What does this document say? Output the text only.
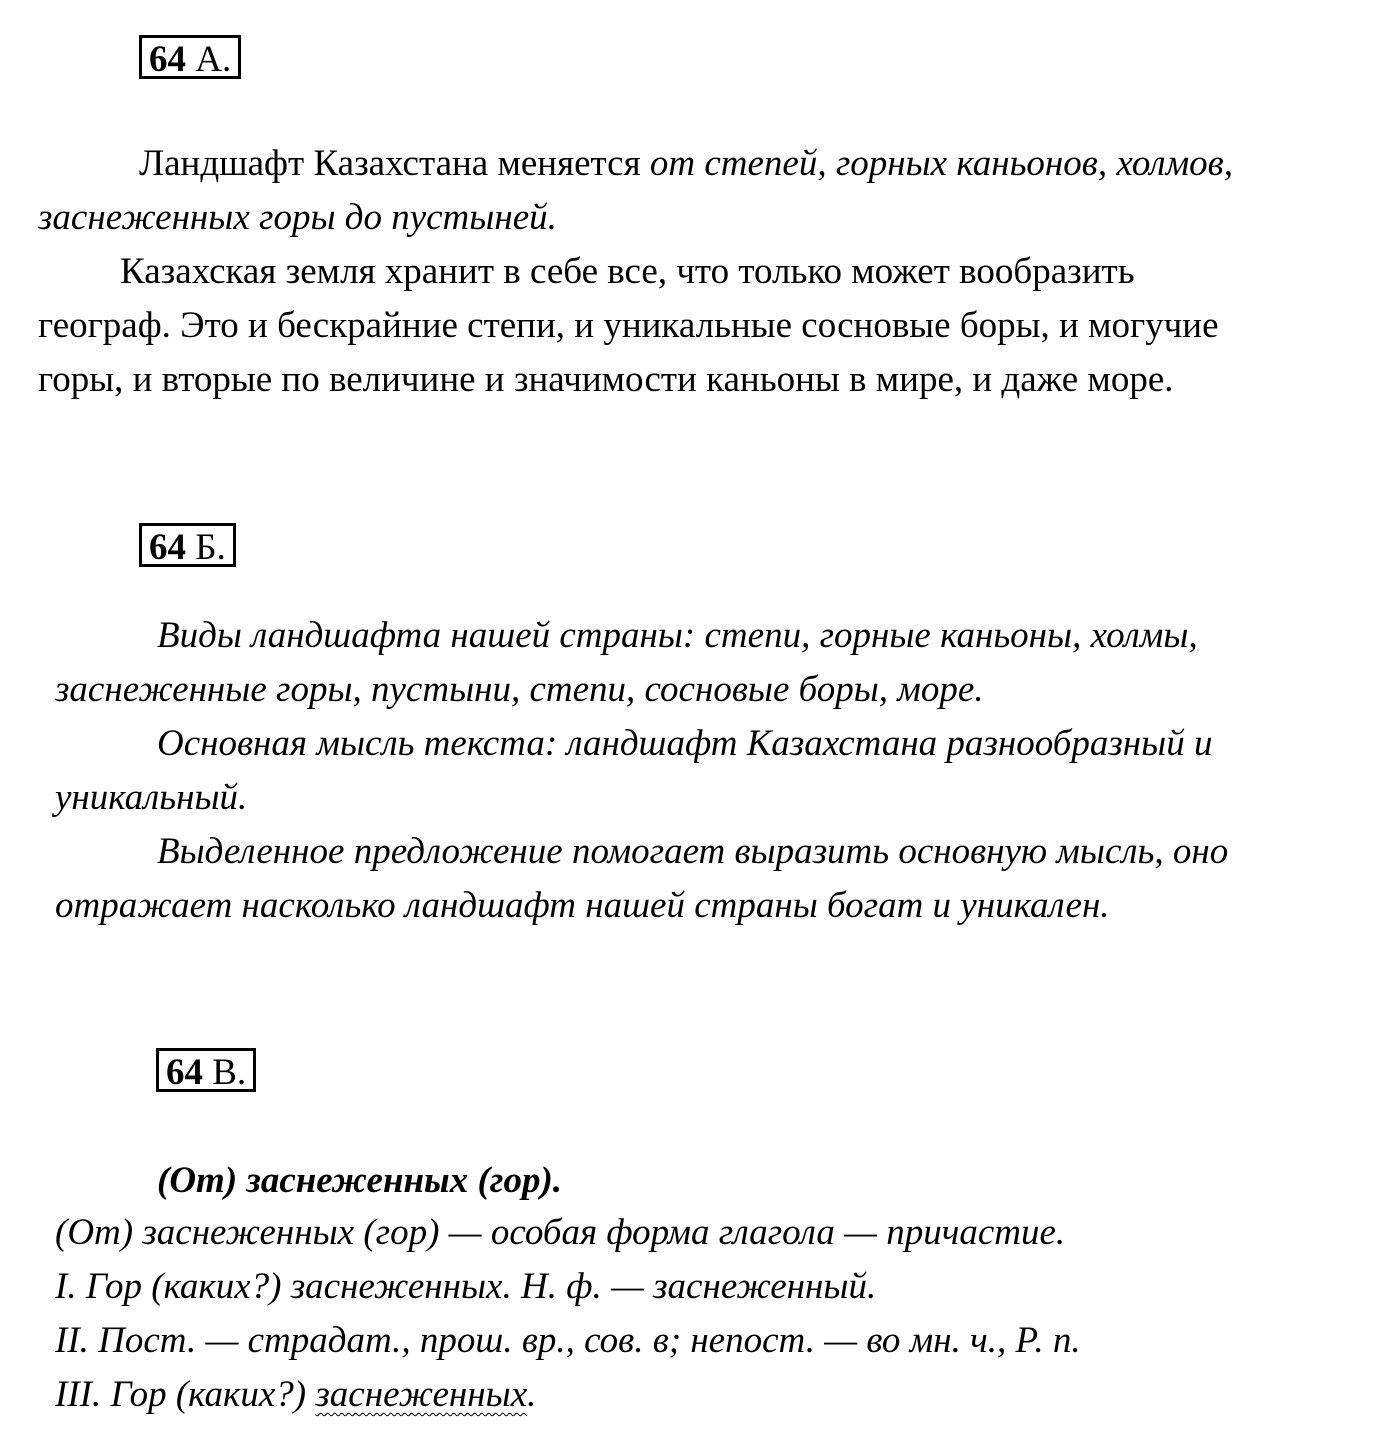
64 А.

Ландшафт Казахстана меняется от степей, горных каньонов, холмов,

заснеженных горы до пустыней.

Казахская земля хранит в себе все, что только может вообразить

географ. Это и бескрайние степи, и уникальные сосновые боры, и могучие

горы, и вторые по величине и значимости каньоны в мире, и даже море.

64 Б.

Виды ландшафта нашей страны: степи, горные каньоны, холмы,

заснеженные горы, пустыни, степи, сосновые боры, море.

Основная мысль текста: ландшафт Казахстана разнообразный и

уникальный.

Выделенное предложение помогает выразить основную мысль, оно

отражает насколько ландшафт нашей страны богат и уникален.

64 В.

(От) заснеженных (гор).

(От) заснеженных (гор) — особая форма глагола — причастие.

I. Гор (каких?) заснеженных. Н. ф. — заснеженный.

II. Пост. — страдат., прош. вр., сов. в; непост. — во мн. ч., Р. п.

III. Гор (каких?) заснеженных.
